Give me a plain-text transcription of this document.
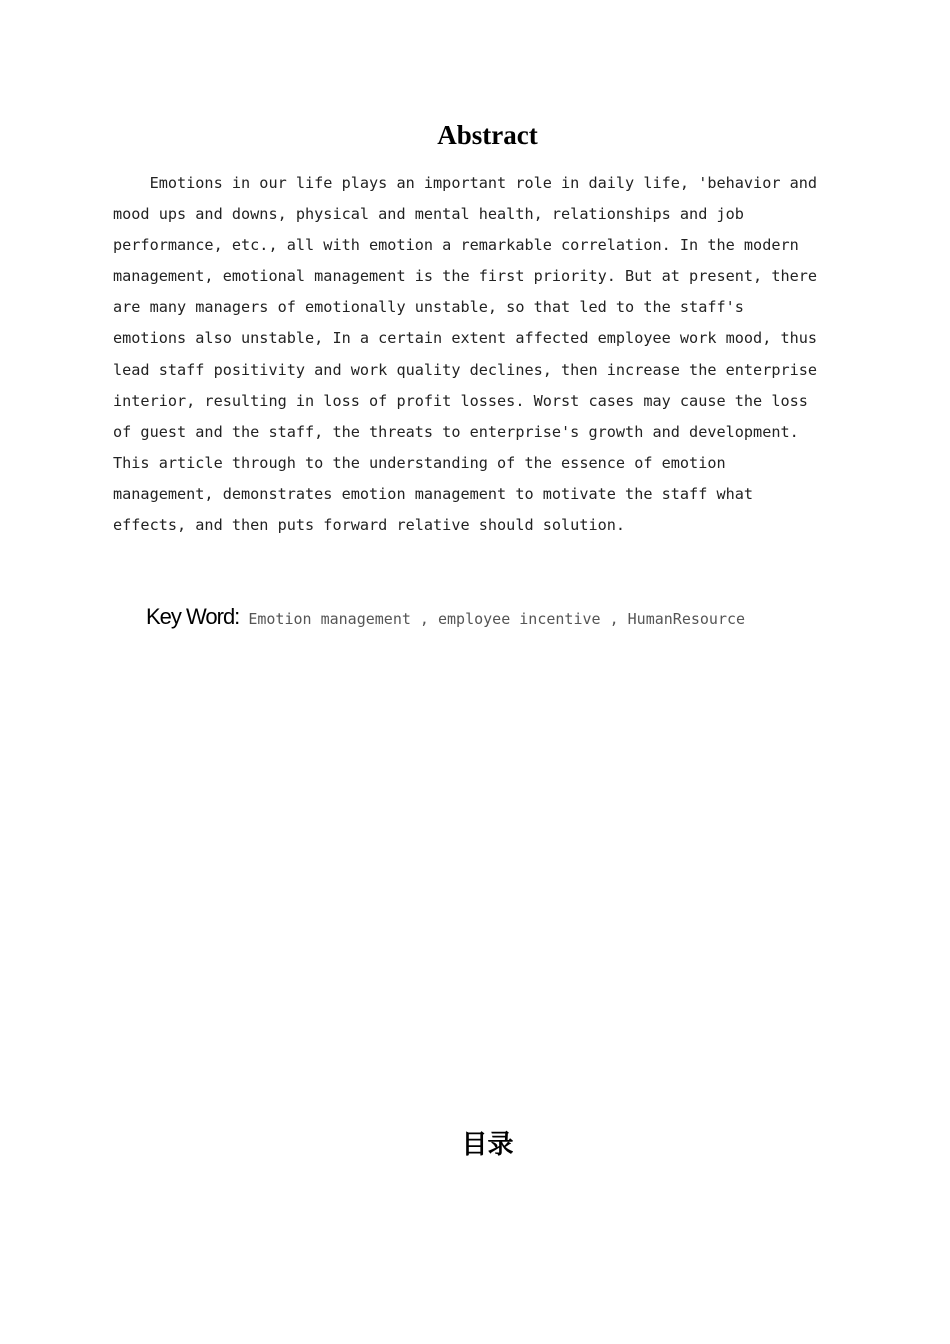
Abstract
Emotions in our life plays an important role in daily life, 'behavior and
mood ups and downs, physical and mental health, relationships and job
performance, etc., all with emotion a remarkable correlation. In the modern
management, emotional management is the first priority. But at present, there
are many managers of emotionally unstable, so that led to the staff's
emotions also unstable, In a certain extent affected employee work mood, thus
lead staff positivity and work quality declines, then increase the enterprise
interior, resulting in loss of profit losses. Worst cases may cause the loss
of guest and the staff, the threats to enterprise's growth and development.
This article through to the understanding of the essence of emotion
management, demonstrates emotion management to motivate the staff what
effects, and then puts forward relative should solution.
Key Word: Emotion management , employee incentive , HumanResource
目录
